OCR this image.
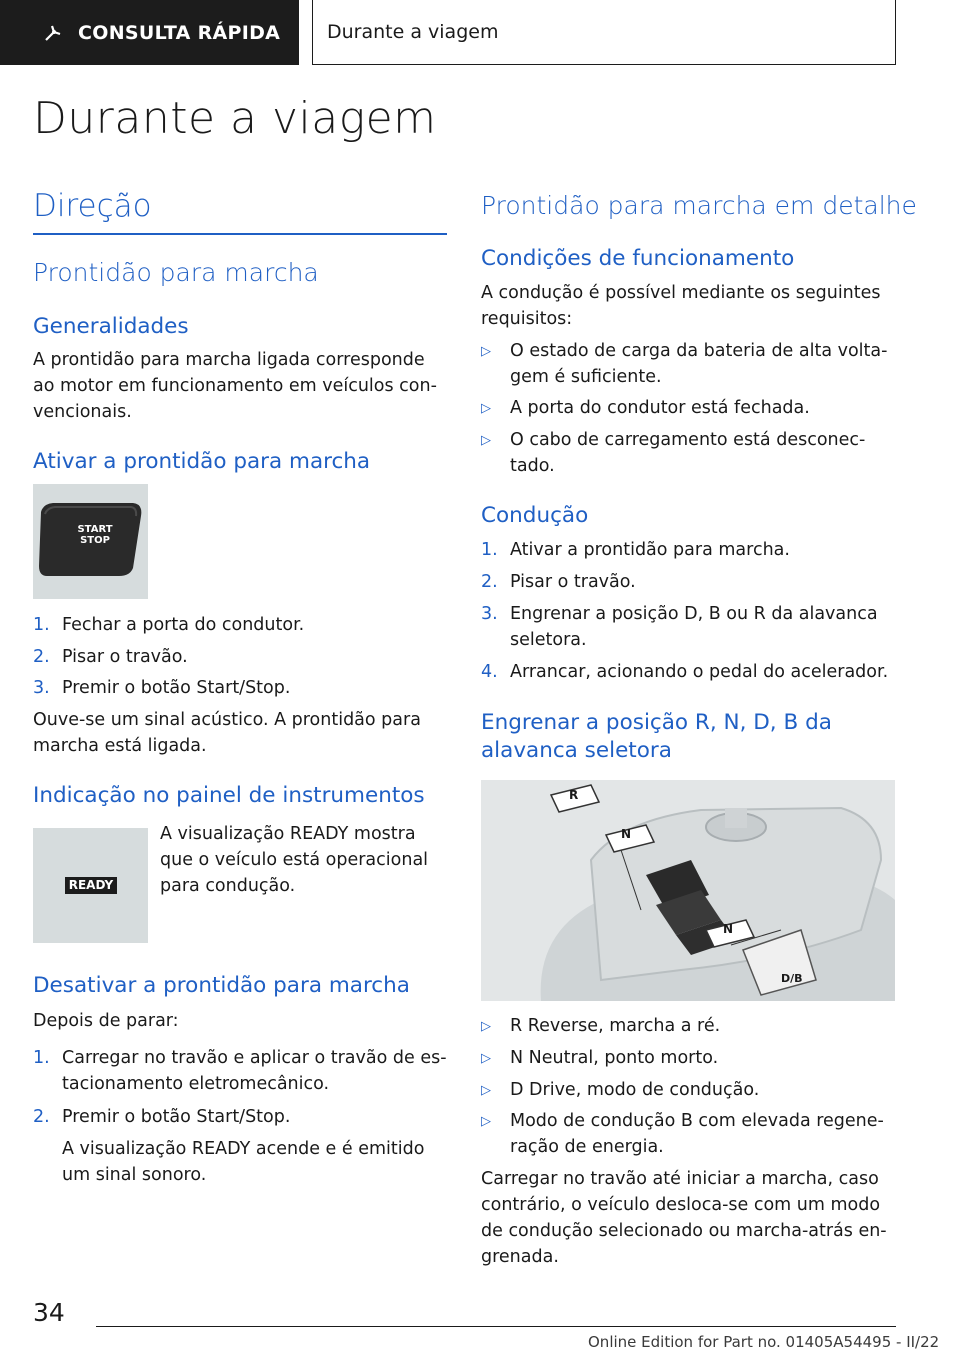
CONSULTA RÁPIDA Durante a viagem
Durante a viagem
Direção
Prontidão para marcha
Generalidades
A prontidão para marcha ligada corresponde ao motor em funcionamento em veículos con-vencionais.
Ativar a prontidão para marcha
START
STOP
1. Fechar a porta do condutor.
2. Pisar o travão.
3. Premir o botão Start/Stop.
Ouve-se um sinal acústico. A prontidão para marcha está ligada.
Indicação no painel de instrumentos
READY
A visualização READY mostra que o veículo está operacional para condução.
Desativar a prontidão para marcha
Depois de parar:
1. Carregar no travão e aplicar o travão de es-tacionamento eletromecânico.
2. Premir o botão Start/Stop.
A visualização READY acende e é emitido um sinal sonoro.
Prontidão para marcha em detalhe
Condições de funcionamento
A condução é possível mediante os seguintes requisitos:
▷	O estado de carga da bateria de alta volta-gem é suficiente.
▷	A porta do condutor está fechada.
▷	O cabo de carregamento está desconec-tado.
Condução
1. Ativar a prontidão para marcha.
2. Pisar o travão.
3. Engrenar a posição D, B ou R da alavanca seletora.
4. Arrancar, acionando o pedal do acelerador.
Engrenar a posição R, N, D, B da
alavanca seletora
R
N
N
D/B
▷	R Reverse, marcha a ré.
▷	N Neutral, ponto morto.
▷	D Drive, modo de condução.
▷	Modo de condução B com elevada regene-ração de energia.
Carregar no travão até iniciar a marcha, caso contrário, o veículo desloca-se com um modo de condução selecionado ou marcha-atrás en-grenada.
34
Online Edition for Part no. 01405A54495 - II/22
